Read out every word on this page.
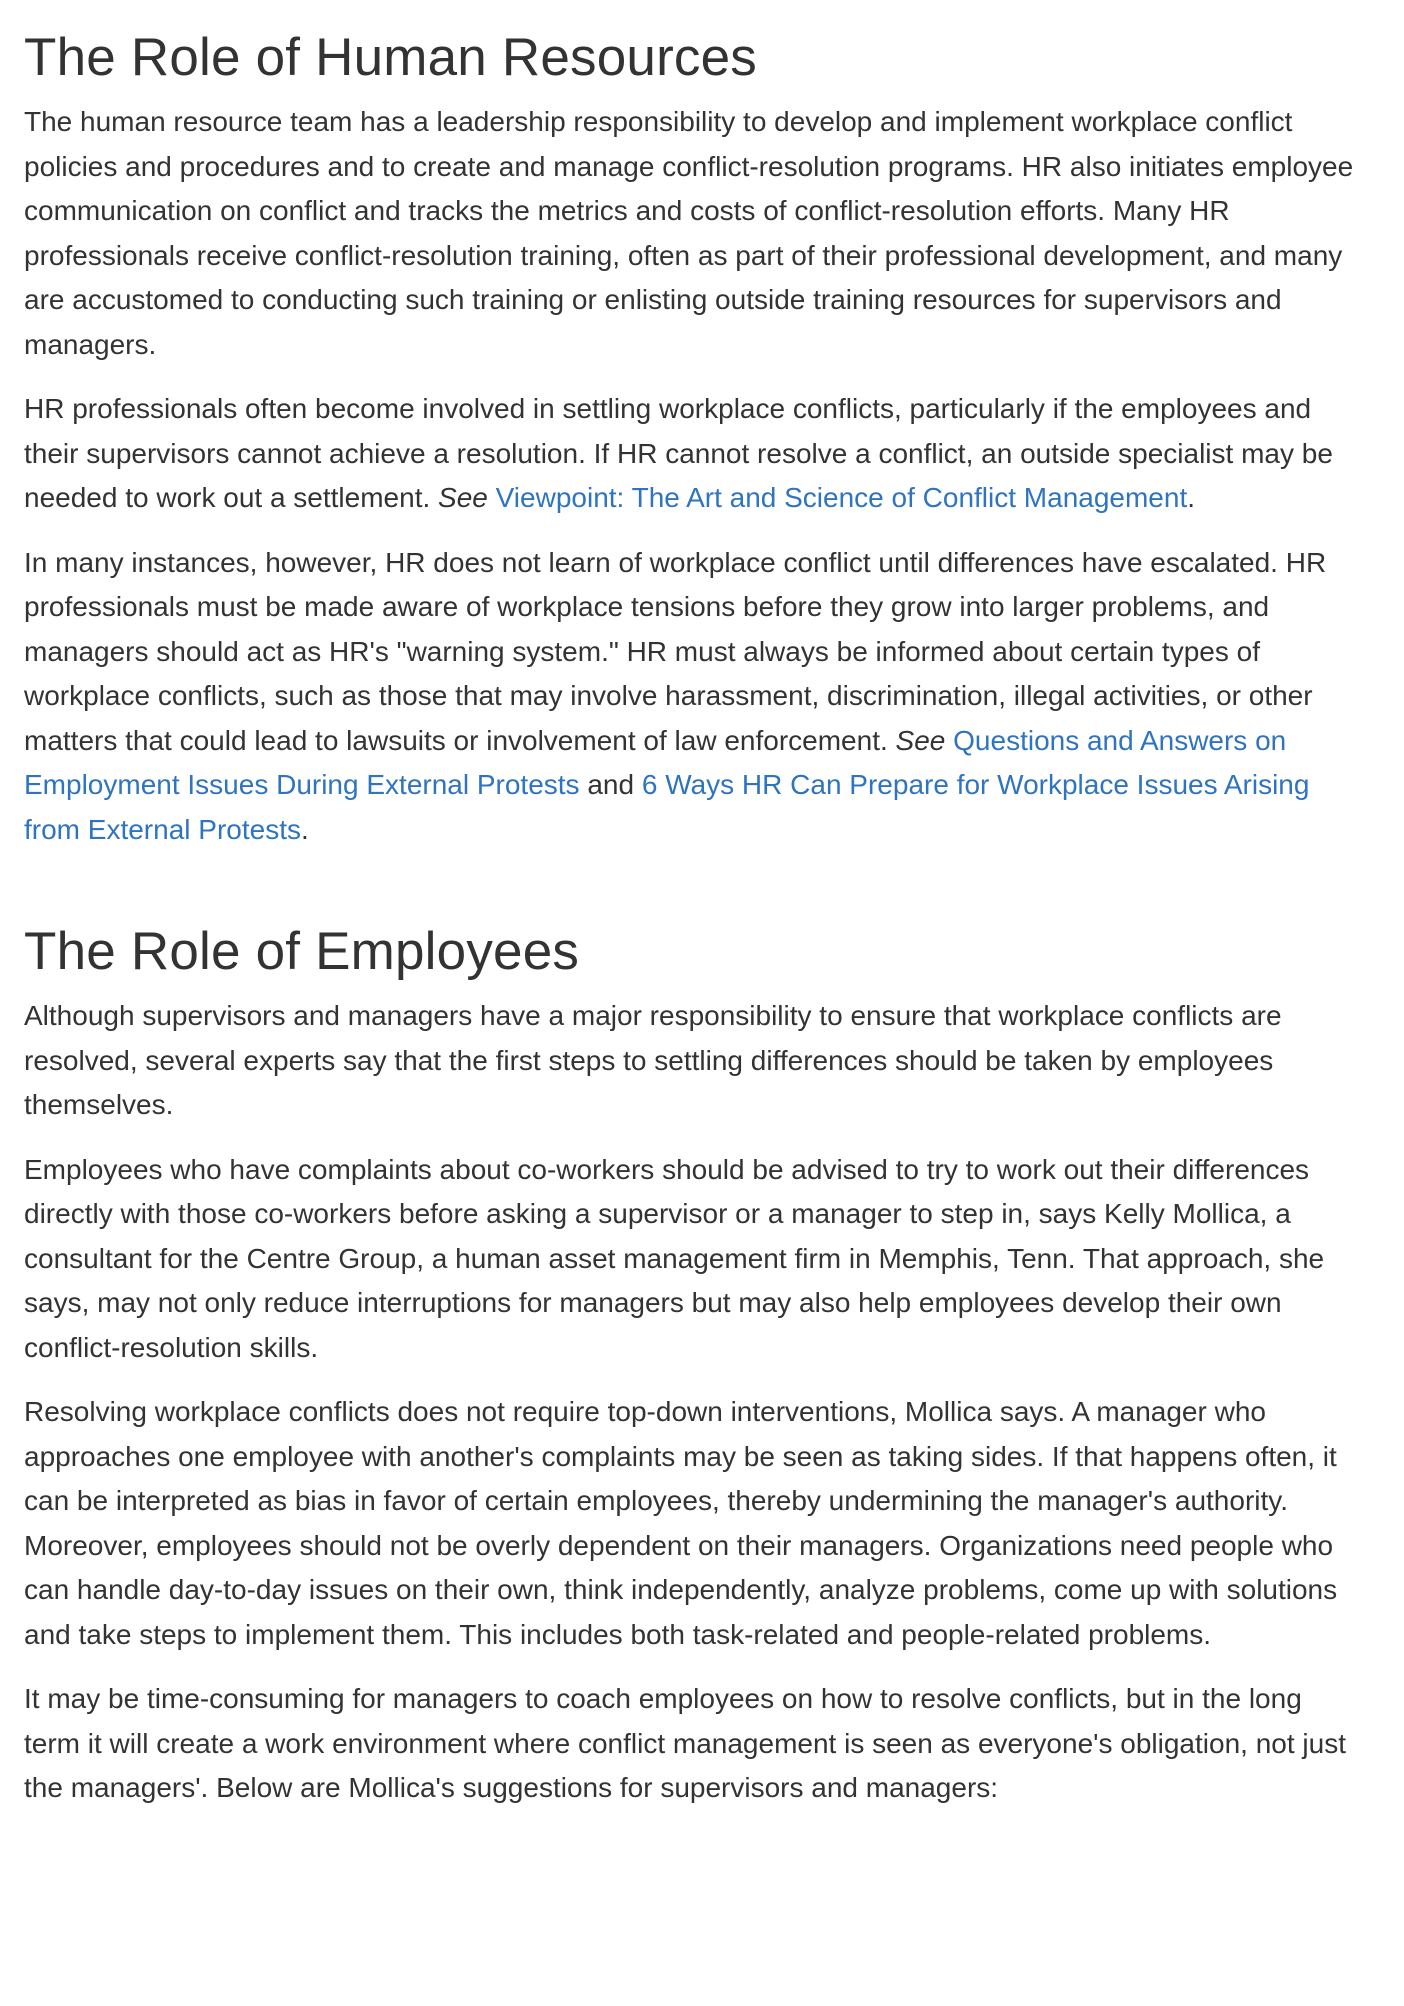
The Role of Human Resources

The human resource team has a leadership responsibility to develop and implement workplace conflict policies and procedures and to create and manage conflict-resolution programs. HR also initiates employee communication on conflict and tracks the metrics and costs of conflict-resolution efforts. Many HR professionals receive conflict-resolution training, often as part of their professional development, and many are accustomed to conducting such training or enlisting outside training resources for supervisors and managers.

HR professionals often become involved in settling workplace conflicts, particularly if the employees and their supervisors cannot achieve a resolution. If HR cannot resolve a conflict, an outside specialist may be needed to work out a settlement. See Viewpoint: The Art and Science of Conflict Management.

In many instances, however, HR does not learn of workplace conflict until differences have escalated. HR professionals must be made aware of workplace tensions before they grow into larger problems, and managers should act as HR's "warning system." HR must always be informed about certain types of workplace conflicts, such as those that may involve harassment, discrimination, illegal activities, or other matters that could lead to lawsuits or involvement of law enforcement. See Questions and Answers on Employment Issues During External Protests and 6 Ways HR Can Prepare for Workplace Issues Arising from External Protests.

The Role of Employees

Although supervisors and managers have a major responsibility to ensure that workplace conflicts are resolved, several experts say that the first steps to settling differences should be taken by employees themselves.

Employees who have complaints about co-workers should be advised to try to work out their differences directly with those co-workers before asking a supervisor or a manager to step in, says Kelly Mollica, a consultant for the Centre Group, a human asset management firm in Memphis, Tenn. That approach, she says, may not only reduce interruptions for managers but may also help employees develop their own conflict-resolution skills.

Resolving workplace conflicts does not require top-down interventions, Mollica says. A manager who approaches one employee with another's complaints may be seen as taking sides. If that happens often, it can be interpreted as bias in favor of certain employees, thereby undermining the manager's authority. Moreover, employees should not be overly dependent on their managers. Organizations need people who can handle day-to-day issues on their own, think independently, analyze problems, come up with solutions and take steps to implement them. This includes both task-related and people-related problems.

It may be time-consuming for managers to coach employees on how to resolve conflicts, but in the long term it will create a work environment where conflict management is seen as everyone's obligation, not just the managers'. Below are Mollica's suggestions for supervisors and managers:
